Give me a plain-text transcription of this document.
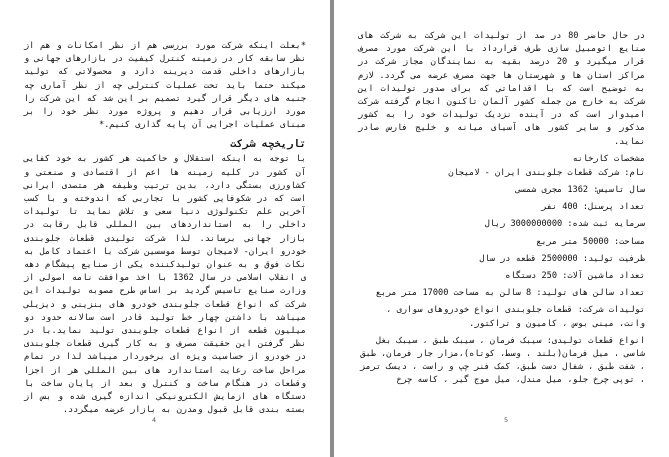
*بعلت اینکه شرکت مورد بررسی هم از نظر امکانات و هم از نظر سابقه کار در زمینه کنترل کیفیت در بازارهای جهانی و بازارهای داخلی قدمت دیرینه دارد و محصولاتی که تولید میکند حتما باید تحت عملیات کنترلی چه از نظر آماری چه جنبه های دیگر قرار گیرد تصمیم بر این شد که این شرکت را مورد ارزیابی قرار دهیم و پروژه مورد نظر خود را بر مبنای عملیات اجرایی آن پایه گذاری کنیم.*

تاریخچه شرکت

با توجه به اینکه استقلال و حاکمیت هر کشور به خود کفایی آن کشور در کلیه زمینه ها اعم از اقتصادی و صنعتی و کشاورزی بستگی دارد، بدین ترتیب وظیفه هر متصدی ایرانی است که در شکوفایی کشور با تجاربی که اندوخته و با کسب آخرین علم تکنولوژی دنیا سعی و تلاش نماید تا تولیدات داخلی را به استانداردهای بین المللی قابل رقابت در بازار جهانی برساند. لذا شرکت تولیدی قطعات جلوبندی خودرو ایران- لامیجان توسط موسسین شرکت با اعتماد کامل به نکات فوق و به عنوان تولیدکننده یکی از صنایع پیشگام دهه ی انقلاب اسلامی در سال 1362 با اخذ موافقت نامه اصولی از وزارت صنایع تاسیس گردید بر اساس طرح مصوبه تولیدات این شرکت که انواع قطعات جلوبندی خودرو های بنزینی و دیزیلی میباشد با داشتن چهار خط تولید قادر است سالانه حدود دو میلیون قطعه از انواع قطعات جلوبندی تولید نماید.با در نظر گرفتن این حقیقت مصرف و به کار گیری قطعات جلوبندی در خودرو از حساسیت ویژه ای برخوردار میباشد لذا در تمام مراحل ساخت رعایت استاندارد های بین المللی هر از اجزا وقطعات در هنگام ساخت و کنترل و بعد از پایان ساخت با دستگاه های ازمایش الکترونیکی اندازه گیری شده و بس از بسته بندی قابل قبول ومدرن به بازار عرضه میگردد.

4

در حال حاضر 80 در صد از تولیدات این شرکت به شرکت های صنایع اتومبیل سازی طرف قرارداد با این شرکت مورد مصرف قرار میگیرد و 20 درصد بقیه به نمایندگان مجاز شرکت در مراکز استان ها و شهرستان ها جهت مصرف عرضه می گردد. لازم به توضیح است که با اقداماتی که برای صدور تولیدات این شرکت به خارج من جمله کشور آلمان تاکنون انجام گرفته شرکت امیدوار است که در آینده نزدیک تولیدات خود را به کشور مذکور و سایر کشور های آسیای میانه و خلیج فارس صادر نماید.

مشخصات کارخانه
نام: شرکت قطعات جلوبندی ایران - لامیجان
سال تاسیس: 1362 مجری شمسی
تعداد پرسنل: 400 نفر
سرمایه ثبت شده: 3000000000 ریال
مساحت: 50000 متر مربع
ظرفیت تولید: 2500000 قطعه در سال
تعداد ماشین آلات: 250 دستگاه
تعداد سالن های تولید: 8 سالن به مساحت 17000 متر مربع
تولیدات شرکت: قطعات جلوبندی انواع خودروهای سواری ، وانت، مینی بوس ، کامیون و تراکتور.
انواع قطعات تولیدی: سیبک فرمان ، سیبک طبق ، سیبک بغل شاسی ، میل فرمان(بلند ، وسط، کوتاه)،مزار جار فرمان، طبق ، شفت طبق ، شفال دست طبق، کمک فنر چپ و راست ، دیسک ترمز ، توپی چرخ جلو، میل مندل، میل موج گیر ، کاسه چرخ
5
